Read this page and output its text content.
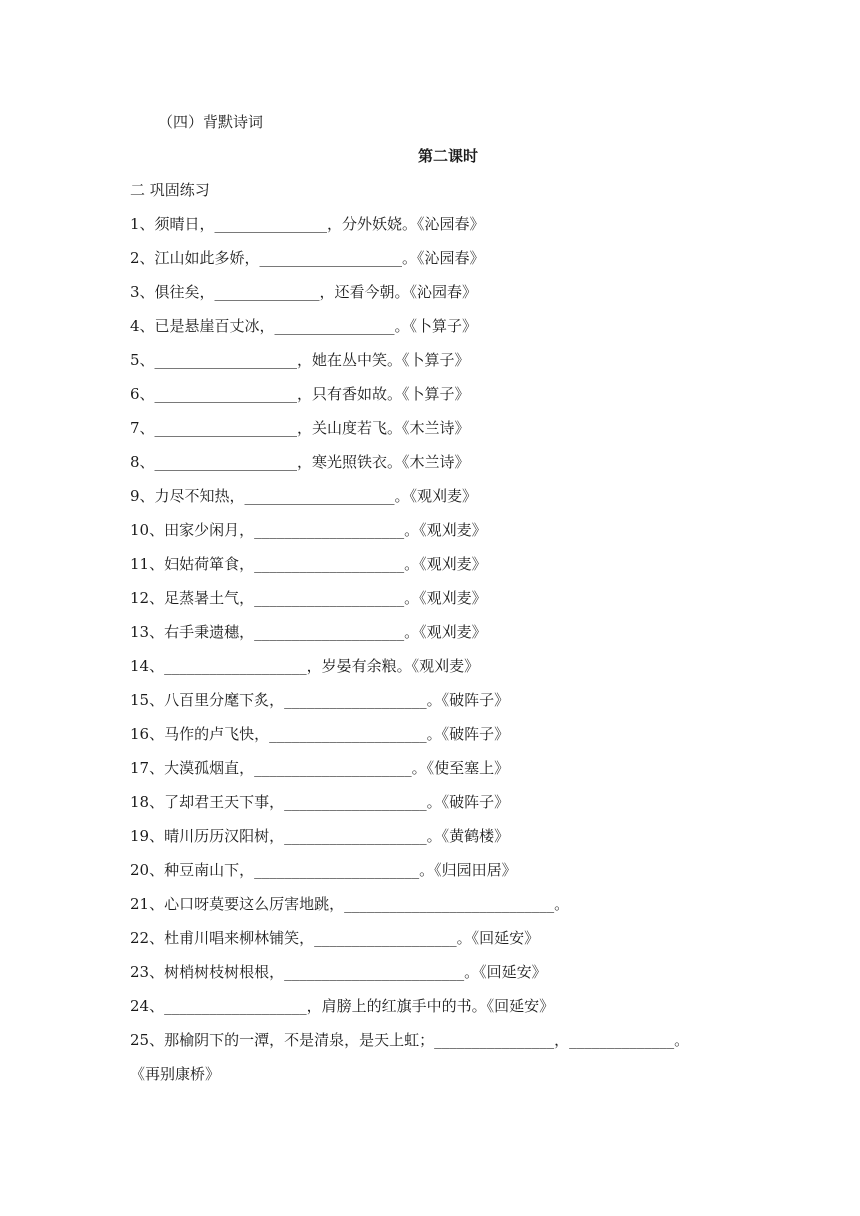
（四）背默诗词
第二课时
二 巩固练习
1、须晴日，_______________，分外妖娆。《沁园春》
2、江山如此多娇，___________________。《沁园春》
3、俱往矣，______________，还看今朝。《沁园春》
4、已是悬崖百丈冰，________________。《卜算子》
5、___________________，她在丛中笑。《卜算子》
6、___________________，只有香如故。《卜算子》
7、___________________，关山度若飞。《木兰诗》
8、___________________，寒光照铁衣。《木兰诗》
9、力尽不知热，____________________。《观刈麦》
10、田家少闲月，____________________。《观刈麦》
11、妇姑荷箪食，____________________。《观刈麦》
12、足蒸暑土气，____________________。《观刈麦》
13、右手秉遗穗，____________________。《观刈麦》
14、___________________，岁晏有余粮。《观刈麦》
15、八百里分麾下炙，___________________。《破阵子》
16、马作的卢飞快，_____________________。《破阵子》
17、大漠孤烟直，_____________________。《使至塞上》
18、了却君王天下事，___________________。《破阵子》
19、晴川历历汉阳树，___________________。《黄鹤楼》
20、种豆南山下，______________________。《归园田居》
21、心口呀莫要这么厉害地跳，____________________________。
22、杜甫川唱来柳林铺笑，___________________。《回延安》
23、树梢树枝树根根，________________________。《回延安》
24、___________________，肩膀上的红旗手中的书。《回延安》
25、那榆阴下的一潭，不是清泉，是天上虹；________________，______________。
《再别康桥》
